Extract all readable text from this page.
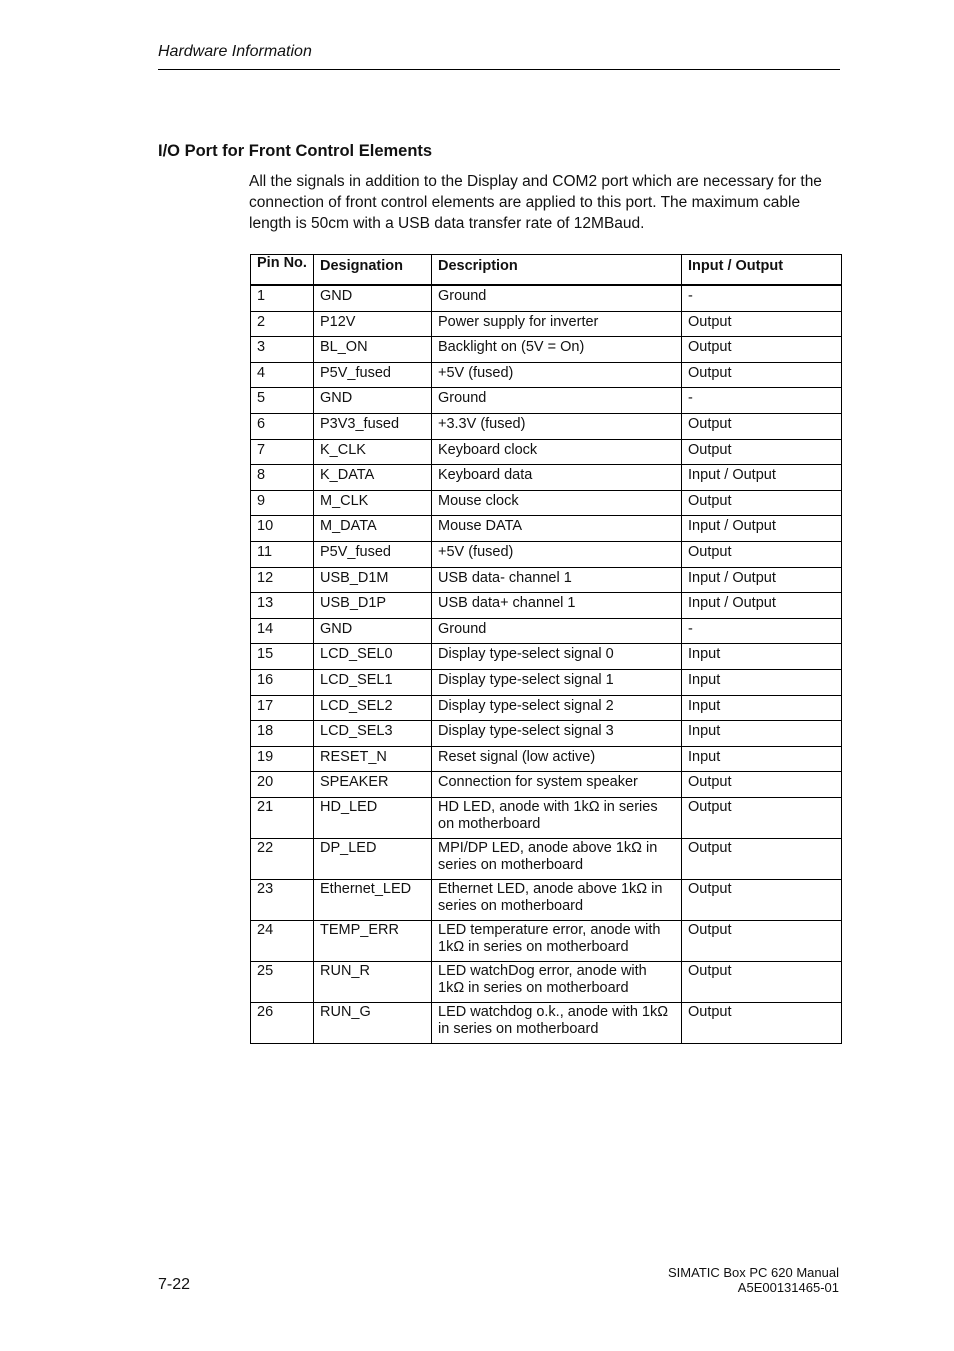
Hardware Information
I/O Port for Front Control Elements
All the signals in addition to the Display and COM2 port which are necessary for the connection of front control elements are applied to this port. The maximum cable length is 50cm with a USB data transfer rate of 12MBaud.
Pin No.	Designation	Description	Input / Output
1	GND	Ground	-
2	P12V	Power supply for inverter	Output
3	BL_ON	Backlight on (5V = On)	Output
4	P5V_fused	+5V (fused)	Output
5	GND	Ground	-
6	P3V3_fused	+3.3V (fused)	Output
7	K_CLK	Keyboard clock	Output
8	K_DATA	Keyboard data	Input / Output
9	M_CLK	Mouse clock	Output
10	M_DATA	Mouse DATA	Input / Output
11	P5V_fused	+5V (fused)	Output
12	USB_D1M	USB data- channel 1	Input / Output
13	USB_D1P	USB data+ channel 1	Input / Output
14	GND	Ground	-
15	LCD_SEL0	Display type-select signal 0	Input
16	LCD_SEL1	Display type-select signal 1	Input
17	LCD_SEL2	Display type-select signal 2	Input
18	LCD_SEL3	Display type-select signal 3	Input
19	RESET_N	Reset signal (low active)	Input
20	SPEAKER	Connection for system speaker	Output
21	HD_LED	HD LED, anode with 1kΩ in series on motherboard	Output
22	DP_LED	MPI/DP LED, anode above 1kΩ in series on motherboard	Output
23	Ethernet_LED	Ethernet LED, anode above 1kΩ in series on motherboard	Output
24	TEMP_ERR	LED temperature error, anode with 1kΩ in series on motherboard	Output
25	RUN_R	LED watchDog error, anode with 1kΩ in series on motherboard	Output
26	RUN_G	LED watchdog o.k., anode with 1kΩ in series on motherboard	Output
7-22
SIMATIC Box PC 620 Manual
A5E00131465-01
